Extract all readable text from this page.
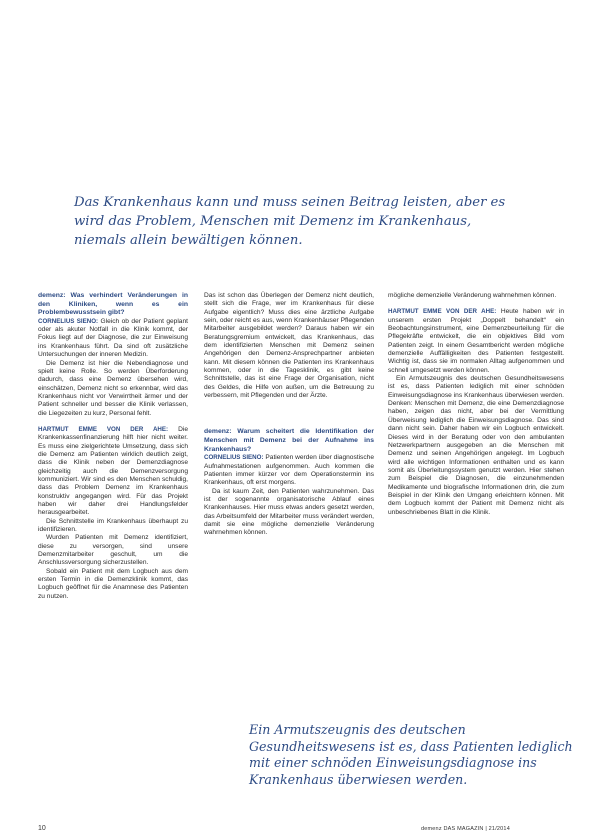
Das Krankenhaus kann und muss seinen Beitrag leisten, aber es wird das Problem, Menschen mit Demenz im Krankenhaus, niemals allein bewältigen können.

demenz: Was verhindert Veränderungen in den Kliniken, wenn es ein Problembewusstsein gibt?

CORNELIUS SIENO: Gleich ob der Patient geplant oder als akuter Notfall in die Klinik kommt, der Fokus liegt auf der Diagnose, die zur Einweisung ins Krankenhaus führt. Da sind oft zusätzliche Untersuchungen der inneren Medizin.

Die Demenz ist hier die Nebendiagnose und spielt keine Rolle. So werden Überforderung dadurch, dass eine Demenz übersehen wird, einschätzen, Demenz nicht so erkennbar, wird das Krankenhaus nicht vor Verwirrtheit ärmer und der Patient schneller und besser die Klinik verlassen, die Liegezeiten zu kurz, Personal fehlt.

HARTMUT EMME VON DER AHE: Die Krankenkassenfinanzierung hilft hier nicht weiter. Es muss eine zielgerichtete Umsetzung, dass sich die Demenz am Patienten wirklich deutlich zeigt, dass die Klinik neben der Demenzdiagnose gleichzeitig auch die Demenzversorgung kommuniziert. Wir sind es den Menschen schuldig, dass das Problem Demenz im Krankenhaus konstruktiv angegangen wird. Für das Projekt haben wir daher drei Handlungsfelder herausgearbeitet.

Die Schnittstelle im Krankenhaus überhaupt zu identifizieren.

Wurden Patienten mit Demenz identifiziert, diese zu versorgen, sind unsere Demenzmitarbeiter geschult, um die Anschlussversorgung sicherzustellen.

Sobald ein Patient mit dem Logbuch aus dem ersten Termin in die Demenzklinik kommt, das Logbuch geöffnet für die Anamnese des Patienten zu nutzen.

Das ist schon das Überlegen der Demenz nicht deutlich, stellt sich die Frage, wer im Krankenhaus für diese Aufgabe eigentlich? Muss dies eine ärztliche Aufgabe sein, oder reicht es aus, wenn Krankenhäuser Pflegenden Mitarbeiter ausgebildet werden? Daraus haben wir ein Beratungsgremium entwickelt, das Krankenhaus, das dem identifizierten Menschen mit Demenz seinen Angehörigen den Demenz-Ansprechpartner anbieten kann. Mit diesem können die Patienten ins Krankenhaus kommen, oder in die Tagesklinik, es gibt keine Schnittstelle, das ist eine Frage der Organisation, nicht des Geldes, die Hilfe von außen, um die Betreuung zu verbessern, mit Pflegenden und der Ärzte.

demenz: Warum scheitert die Identifikation der Menschen mit Demenz bei der Aufnahme ins Krankenhaus?

CORNELIUS SIENO: Patienten werden über diagnostische Aufnahmestationen aufgenommen. Auch kommen die Patienten immer kürzer vor dem Operationstermin ins Krankenhaus, oft erst morgens.

Da ist kaum Zeit, den Patienten wahrzunehmen. Das ist der sogenannte organisatorische Ablauf eines Krankenhauses. Hier muss etwas anders gesetzt werden, das Arbeitsumfeld der Mitarbeiter muss verändert werden, damit sie eine mögliche demenzielle Veränderung wahrnehmen können.

mögliche demenzielle Veränderung wahrnehmen können.

HARTMUT EMME VON DER AHE: Heute haben wir in unserem ersten Projekt „Doppelt behandelt“ ein Beobachtungsinstrument, eine Demenzbeurteilung für die Pflegekräfte entwickelt, die ein objektives Bild vom Patienten zeigt. In einem Gesamtbericht werden mögliche demenzielle Auffälligkeiten des Patienten festgestellt. Wichtig ist, dass sie im normalen Alltag aufgenommen und schnell umgesetzt werden können.

Ein Armutszeugnis des deutschen Gesundheitswesens ist es, dass Patienten lediglich mit einer schnöden Einweisungsdiagnose ins Krankenhaus überwiesen werden. Denken: Menschen mit Demenz, die eine Demenzdiagnose haben, zeigen das nicht, aber bei der Vermittlung Überweisung lediglich die Einweisungsdiagnose. Das sind dann nicht sein. Daher haben wir ein Logbuch entwickelt. Dieses wird in der Beratung oder von den ambulanten Netzwerkpartnern ausgegeben an die Menschen mit Demenz und seinen Angehörigen angelegt. Im Logbuch wird alle wichtigen Informationen enthalten und es kann somit als Überleitungssystem genutzt werden. Hier stehen zum Beispiel die Diagnosen, die einzunehmenden Medikamente und biografische Informationen drin, die zum Beispiel in der Klinik den Umgang erleichtern können. Mit dem Logbuch kommt der Patient mit Demenz nicht als unbeschriebenes Blatt in die Klinik.

Ein Armutszeugnis des deutschen Gesundheitswesens ist es, dass Patienten lediglich mit einer schnöden Einweisungsdiagnose ins Krankenhaus überwiesen werden.

10	demenz DAS MAGAZIN | 21/2014
